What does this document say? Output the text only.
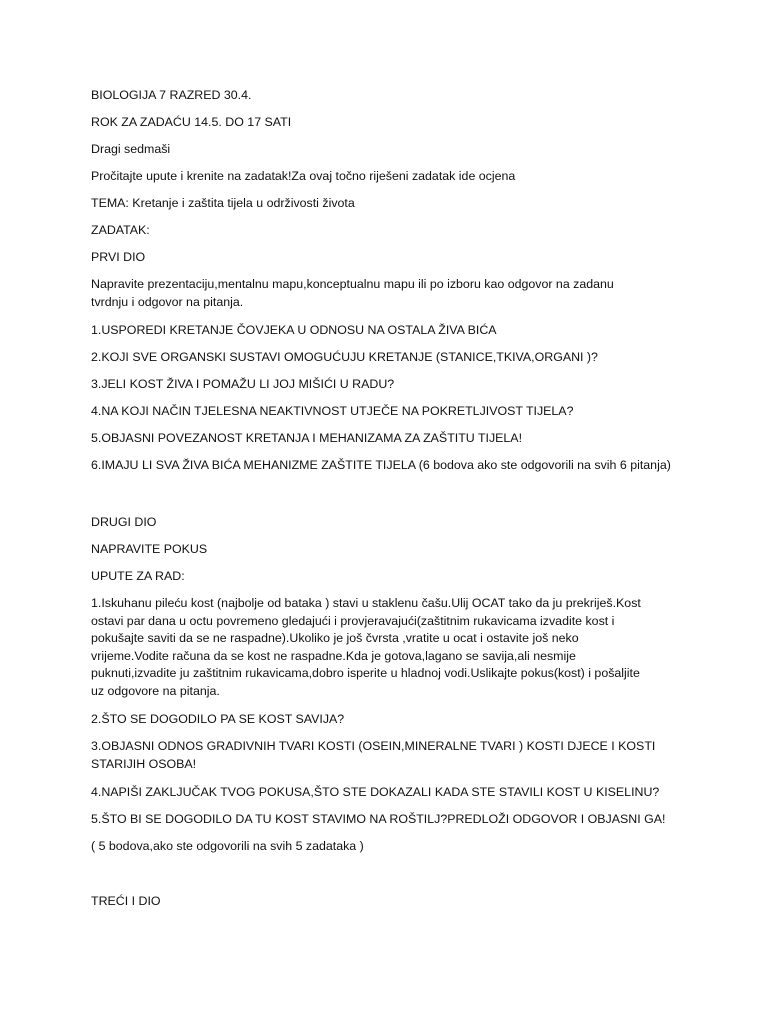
BIOLOGIJA 7 RAZRED 30.4.
ROK ZA ZADAĆU 14.5. DO 17 SATI
Dragi sedmaši
Pročitajte upute i krenite na zadatak!Za ovaj točno riješeni zadatak ide ocjena
TEMA: Kretanje i zaštita tijela u održivosti života
ZADATAK:
PRVI DIO
Napravite prezentaciju,mentalnu mapu,konceptualnu mapu ili po izboru kao odgovor na zadanu
tvrdnju i odgovor na pitanja.
1.USPOREDI KRETANJE ČOVJEKA U ODNOSU NA OSTALA ŽIVA BIĆA
2.KOJI SVE ORGANSKI SUSTAVI OMOGUĆUJU KRETANJE (STANICE,TKIVA,ORGANI )?
3.JELI KOST ŽIVA I POMAŽU LI JOJ MIŠIĆI U RADU?
4.NA KOJI NAČIN TJELESNA NEAKTIVNOST UTJEČE NA POKRETLJIVOST TIJELA?
5.OBJASNI POVEZANOST KRETANJA I MEHANIZAMA ZA ZAŠTITU TIJELA!
6.IMAJU LI SVA ŽIVA BIĆA MEHANIZME ZAŠTITE TIJELA (6 bodova ako ste odgovorili na svih 6 pitanja)
DRUGI DIO
NAPRAVITE POKUS
UPUTE ZA RAD:
1.Iskuhanu pileću kost (najbolje od bataka ) stavi u staklenu čašu.Ulij OCAT tako da ju prekriješ.Kost
ostavi par dana u octu povremeno gledajući i provjeravajući(zaštitnim rukavicama izvadite kost i
pokušajte saviti da se ne raspadne).Ukoliko je još čvrsta ,vratite u ocat i ostavite još neko
vrijeme.Vodite računa da se kost ne raspadne.Kda je gotova,lagano se savija,ali nesmije
puknuti,izvadite ju zaštitnim rukavicama,dobro isperite u hladnoj vodi.Uslikajte pokus(kost) i pošaljite
uz odgovore na pitanja.
2.ŠTO SE DOGODILO PA SE KOST SAVIJA?
3.OBJASNI ODNOS GRADIVNIH TVARI KOSTI (OSEIN,MINERALNE TVARI ) KOSTI DJECE I KOSTI
STARIJIH OSOBA!
4.NAPIŠI ZAKLJUČAK TVOG POKUSA,ŠTO STE DOKAZALI KADA STE STAVILI KOST U KISELINU?
5.ŠTO BI SE DOGODILO DA TU KOST STAVIMO NA ROŠTILJ?PREDLOŽI ODGOVOR I OBJASNI GA!
( 5 bodova,ako ste odgovorili na svih 5 zadataka )
TREĆI I DIO
